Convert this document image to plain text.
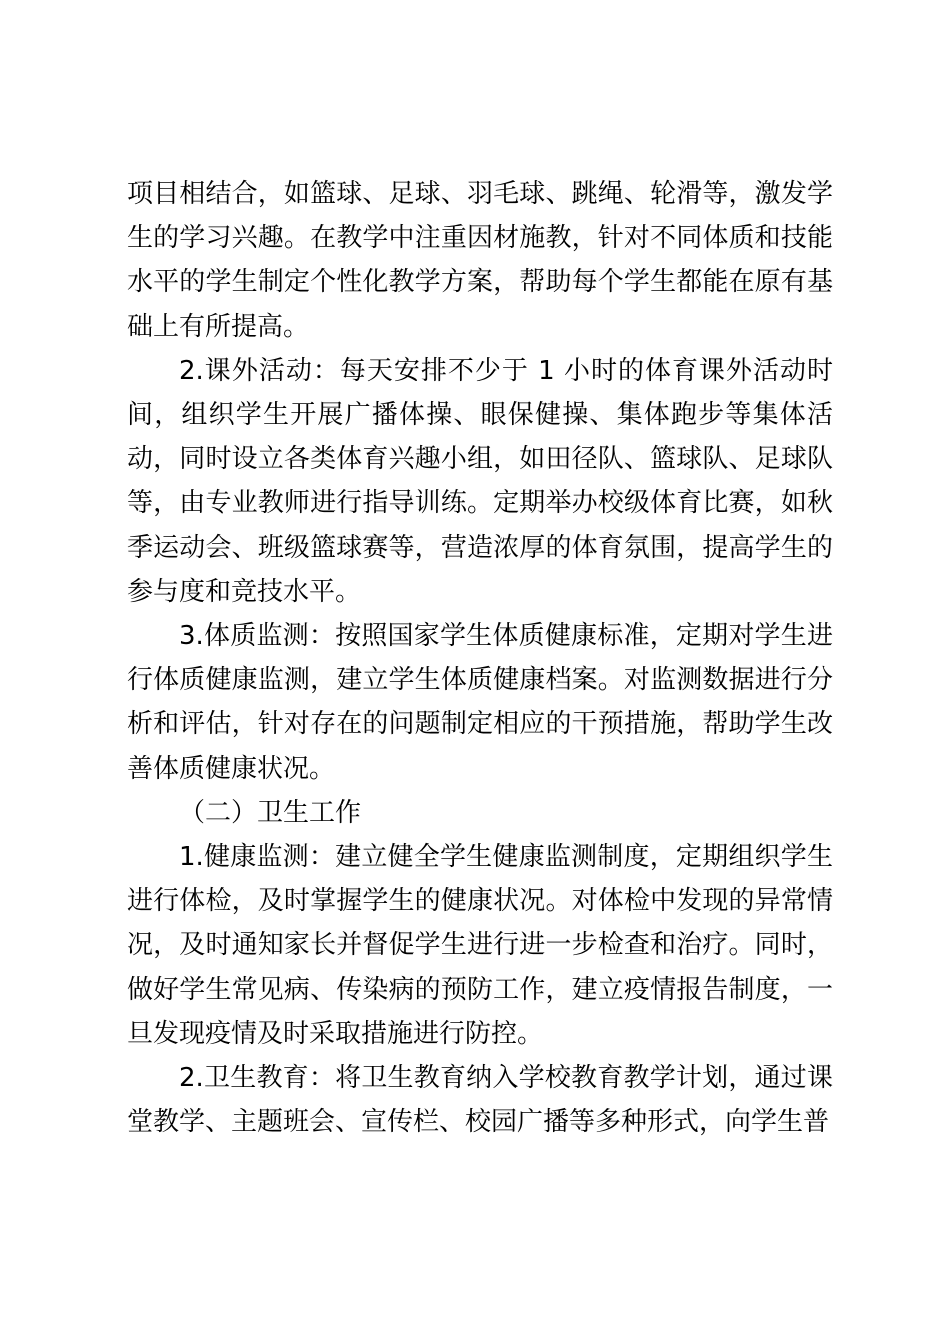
项目相结合，如篮球、足球、羽毛球、跳绳、轮滑等，激发学生的学习兴趣。在教学中注重因材施教，针对不同体质和技能水平的学生制定个性化教学方案，帮助每个学生都能在原有基础上有所提高。

2.课外活动：每天安排不少于 1 小时的体育课外活动时间，组织学生开展广播体操、眼保健操、集体跑步等集体活动，同时设立各类体育兴趣小组，如田径队、篮球队、足球队等，由专业教师进行指导训练。定期举办校级体育比赛，如秋季运动会、班级篮球赛等，营造浓厚的体育氛围，提高学生的参与度和竞技水平。

3.体质监测：按照国家学生体质健康标准，定期对学生进行体质健康监测，建立学生体质健康档案。对监测数据进行分析和评估，针对存在的问题制定相应的干预措施，帮助学生改善体质健康状况。

（二）卫生工作

1.健康监测：建立健全学生健康监测制度，定期组织学生进行体检，及时掌握学生的健康状况。对体检中发现的异常情况，及时通知家长并督促学生进行进一步检查和治疗。同时，做好学生常见病、传染病的预防工作，建立疫情报告制度，一旦发现疫情及时采取措施进行防控。

2.卫生教育：将卫生教育纳入学校教育教学计划，通过课堂教学、主题班会、宣传栏、校园广播等多种形式，向学生普
